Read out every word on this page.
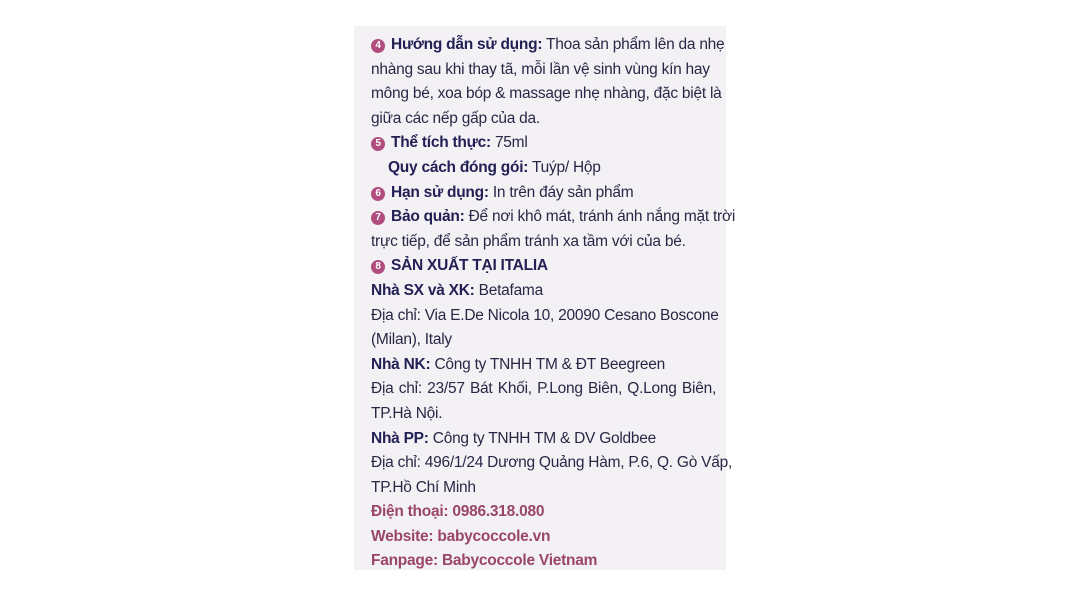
4 Hướng dẫn sử dụng: Thoa sản phẩm lên da nhẹ
nhàng sau khi thay tã, mỗi lần vệ sinh vùng kín hay
mông bé, xoa bóp & massage nhẹ nhàng, đặc biệt là
giữa các nếp gấp của da.
5 Thể tích thực: 75ml
Quy cách đóng gói: Tuýp/ Hộp
6 Hạn sử dụng: In trên đáy sản phẩm
7 Bảo quản: Để nơi khô mát, tránh ánh nắng mặt trời
trực tiếp, để sản phẩm tránh xa tầm với của bé.
8 SẢN XUẤT TẠI ITALIA
Nhà SX và XK: Betafama
Địa chỉ: Via E.De Nicola 10, 20090 Cesano Boscone
(Milan), Italy
Nhà NK: Công ty TNHH TM & ĐT Beegreen
Địa chỉ: 23/57 Bát Khối, P.Long Biên, Q.Long Biên,
TP.Hà Nội.
Nhà PP: Công ty TNHH TM & DV Goldbee
Địa chỉ: 496/1/24 Dương Quảng Hàm, P.6, Q. Gò Vấp,
TP.Hồ Chí Minh
Điện thoại: 0986.318.080
Website: babycoccole.vn
Fanpage: Babycoccole Vietnam
